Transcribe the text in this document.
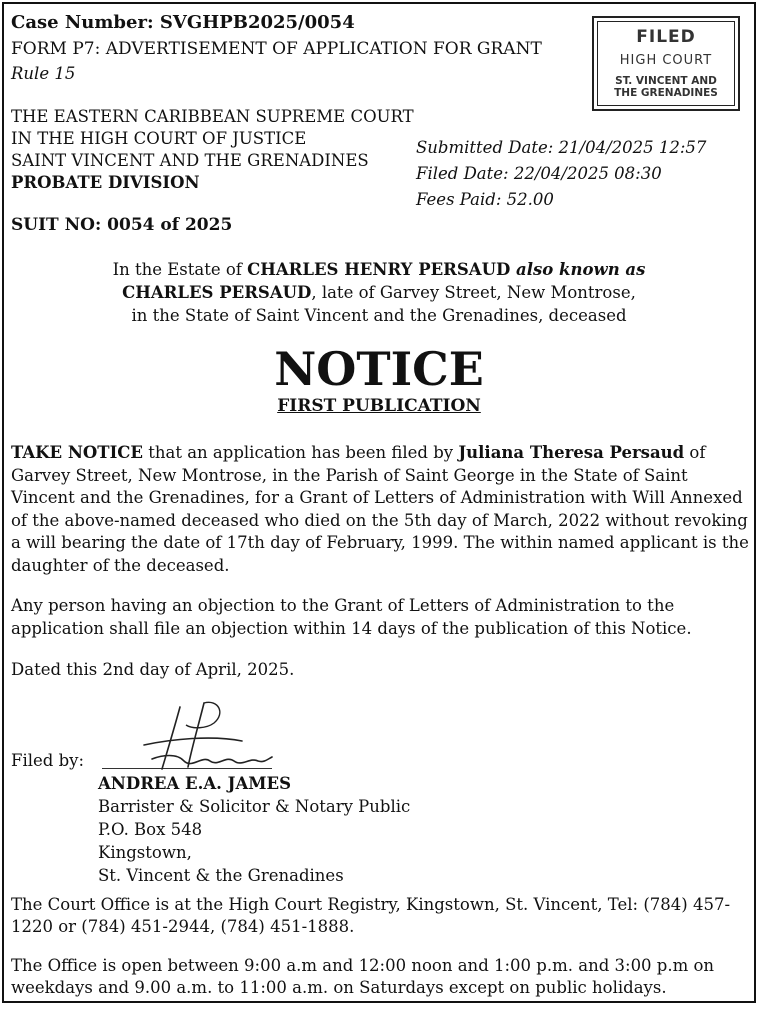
Case Number: SVGHPB2025/0054
FORM P7: ADVERTISEMENT OF APPLICATION FOR GRANT
Rule 15
FILED
HIGH COURT
ST. VINCENT AND
THE GRENADINES
THE EASTERN CARIBBEAN SUPREME COURT
IN THE HIGH COURT OF JUSTICE
SAINT VINCENT AND THE GRENADINES
PROBATE DIVISION
Submitted Date: 21/04/2025 12:57
Filed Date: 22/04/2025 08:30
Fees Paid: 52.00
SUIT NO: 0054 of 2025
In the Estate of CHARLES HENRY PERSAUD also known as
CHARLES PERSAUD, late of Garvey Street, New Montrose,
in the State of Saint Vincent and the Grenadines, deceased
NOTICE
FIRST PUBLICATION
TAKE NOTICE that an application has been filed by Juliana Theresa Persaud of Garvey Street, New Montrose, in the Parish of Saint George in the State of Saint Vincent and the Grenadines, for a Grant of Letters of Administration with Will Annexed of the above-named deceased who died on the 5th day of March, 2022 without revoking a will bearing the date of 17th day of February, 1999. The within named applicant is the daughter of the deceased.
Any person having an objection to the Grant of Letters of Administration to the application shall file an objection within 14 days of the publication of this Notice.
Dated this 2nd day of April, 2025.
Filed by:
ANDREA E.A. JAMES
Barrister & Solicitor & Notary Public
P.O. Box 548
Kingstown,
St. Vincent & the Grenadines
The Court Office is at the High Court Registry, Kingstown, St. Vincent, Tel: (784) 457-1220 or (784) 451-2944, (784) 451-1888.
The Office is open between 9:00 a.m and 12:00 noon and 1:00 p.m. and 3:00 p.m on weekdays and 9.00 a.m. to 11:00 a.m. on Saturdays except on public holidays.
